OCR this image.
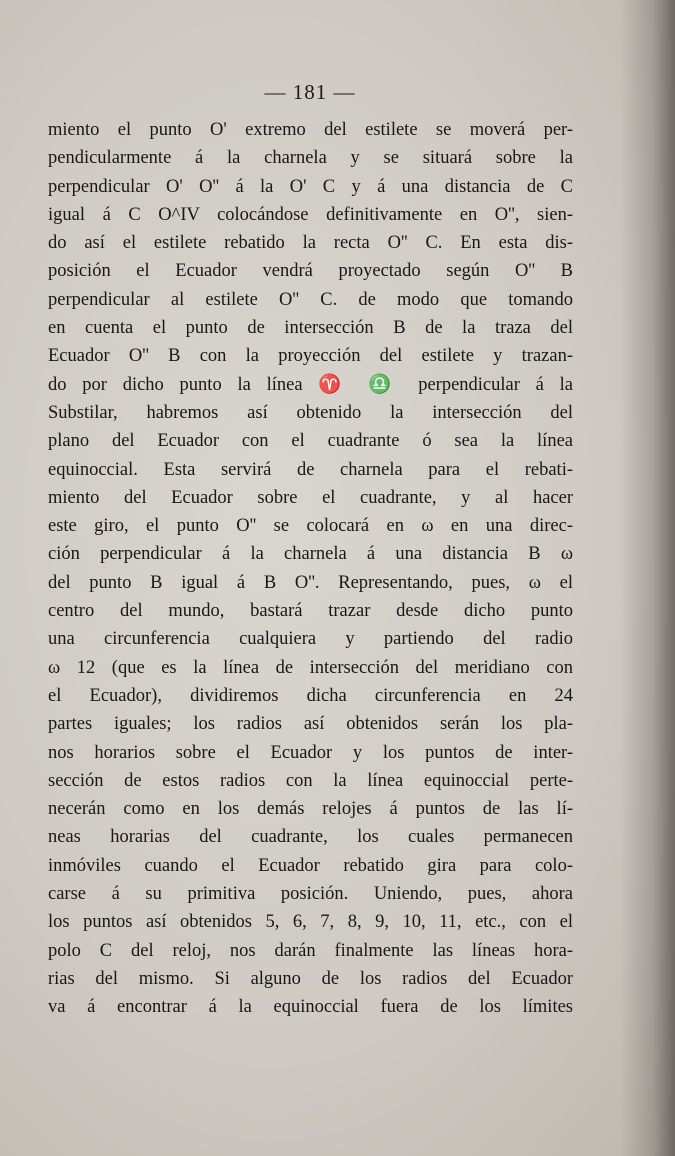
— 181 —
miento el punto O' extremo del estilete se moverá per-
pendicularmente á la charnela y se situará sobre la
perpendicular O' O'' á la O' C y á una distancia de C
igual á C O^IV colocándose definitivamente en O'', sien-
do así el estilete rebatido la recta O'' C. En esta dis-
posición el Ecuador vendrá proyectado según O'' B
perpendicular al estilete O'' C. de modo que tomando
en cuenta el punto de intersección B de la traza del
Ecuador O'' B con la proyección del estilete y trazan-
do por dicho punto la línea ♈ ♎ perpendicular á la
Substilar, habremos así obtenido la intersección del
plano del Ecuador con el cuadrante ó sea la línea
equinoccial. Esta servirá de charnela para el rebati-
miento del Ecuador sobre el cuadrante, y al hacer
este giro, el punto O'' se colocará en ω en una direc-
ción perpendicular á la charnela á una distancia B ω
del punto B igual á B O''. Representando, pues, ω el
centro del mundo, bastará trazar desde dicho punto
una circunferencia cualquiera y partiendo del radio
ω 12 (que es la línea de intersección del meridiano con
el Ecuador), dividiremos dicha circunferencia en 24
partes iguales; los radios así obtenidos serán los pla-
nos horarios sobre el Ecuador y los puntos de inter-
sección de estos radios con la línea equinoccial perte-
necerán como en los demás relojes á puntos de las lí-
neas horarias del cuadrante, los cuales permanecen
inmóviles cuando el Ecuador rebatido gira para colo-
carse á su primitiva posición. Uniendo, pues, ahora
los puntos así obtenidos 5, 6, 7, 8, 9, 10, 11, etc., con el
polo C del reloj, nos darán finalmente las líneas hora-
rias del mismo. Si alguno de los radios del Ecuador
va á encontrar á la equinoccial fuera de los límites
